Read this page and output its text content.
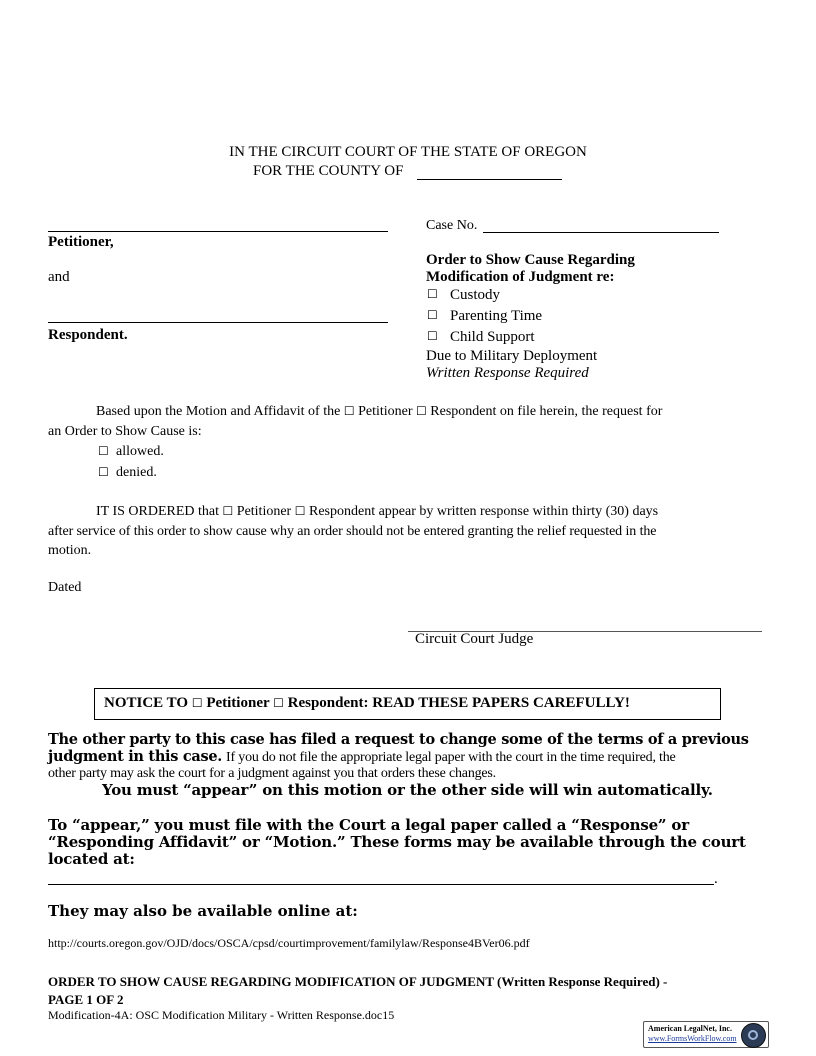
IN THE CIRCUIT COURT OF THE STATE OF OREGON
FOR THE COUNTY OF
Petitioner,
and
Respondent.
Case No.
Order to Show Cause Regarding
Modification of Judgment re:
☐ Custody
☐ Parenting Time
☐ Child Support
Due to Military Deployment
Written Response Required
Based upon the Motion and Affidavit of the ☐ Petitioner ☐ Respondent on file herein, the request for
an Order to Show Cause is:
☐ allowed.
☐ denied.
IT IS ORDERED that ☐ Petitioner ☐ Respondent appear by written response within thirty (30) days
after service of this order to show cause why an order should not be entered granting the relief requested in the
motion.
Dated
Circuit Court Judge
NOTICE TO ☐ Petitioner ☐ Respondent: READ THESE PAPERS CAREFULLY!
The other party to this case has filed a request to change some of the terms of a previous
judgment in this case. If you do not file the appropriate legal paper with the court in the time required, the
other party may ask the court for a judgment against you that orders these changes.
You must “appear” on this motion or the other side will win automatically.
To “appear,” you must file with the Court a legal paper called a “Response” or
“Responding Affidavit” or “Motion.” These forms may be available through the court
located at:
.
They may also be available online at:
http://courts.oregon.gov/OJD/docs/OSCA/cpsd/courtimprovement/familylaw/Response4BVer06.pdf
ORDER TO SHOW CAUSE REGARDING MODIFICATION OF JUDGMENT (Written Response Required) -
PAGE 1 OF 2
Modification-4A: OSC Modification Military - Written Response.doc15
American LegalNet, Inc.
www.FormsWorkFlow.com
